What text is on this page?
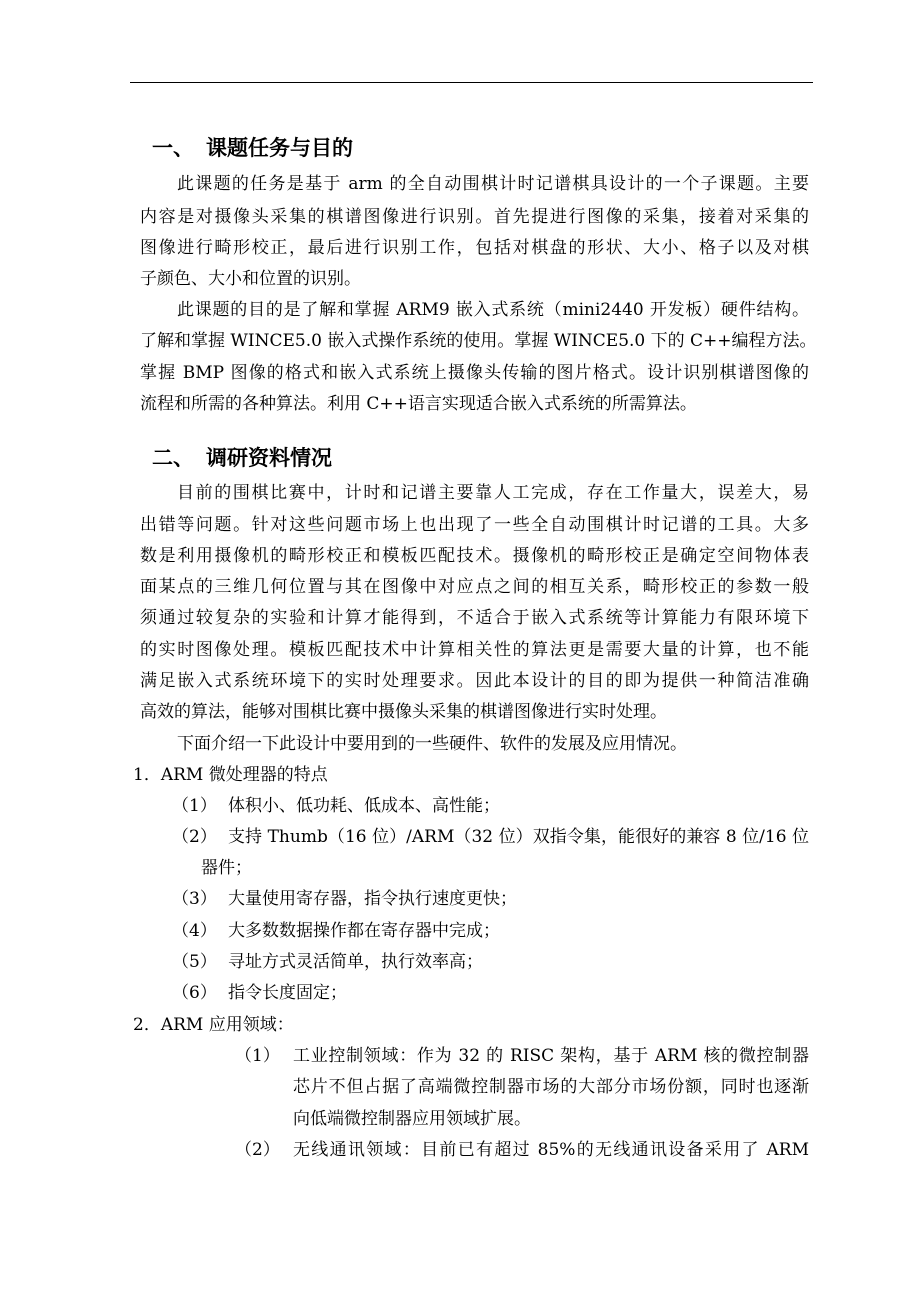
一、 课题任务与目的
此课题的任务是基于 arm 的全自动围棋计时记谱棋具设计的一个子课题。主要
内容是对摄像头采集的棋谱图像进行识别。首先提进行图像的采集，接着对采集的
图像进行畸形校正，最后进行识别工作，包括对棋盘的形状、大小、格子以及对棋
子颜色、大小和位置的识别。
此课题的目的是了解和掌握 ARM9 嵌入式系统（mini2440 开发板）硬件结构。
了解和掌握 WINCE5.0 嵌入式操作系统的使用。掌握 WINCE5.0 下的 C++编程方法。
掌握 BMP 图像的格式和嵌入式系统上摄像头传输的图片格式。设计识别棋谱图像的
流程和所需的各种算法。利用 C++语言实现适合嵌入式系统的所需算法。
二、 调研资料情况
目前的围棋比赛中，计时和记谱主要靠人工完成，存在工作量大，误差大，易
出错等问题。针对这些问题市场上也出现了一些全自动围棋计时记谱的工具。大多
数是利用摄像机的畸形校正和模板匹配技术。摄像机的畸形校正是确定空间物体表
面某点的三维几何位置与其在图像中对应点之间的相互关系，畸形校正的参数一般
须通过较复杂的实验和计算才能得到，不适合于嵌入式系统等计算能力有限环境下
的实时图像处理。模板匹配技术中计算相关性的算法更是需要大量的计算，也不能
满足嵌入式系统环境下的实时处理要求。因此本设计的目的即为提供一种简洁准确
高效的算法，能够对围棋比赛中摄像头采集的棋谱图像进行实时处理。
下面介绍一下此设计中要用到的一些硬件、软件的发展及应用情况。
1．ARM 微处理器的特点
（1） 体积小、低功耗、低成本、高性能；
（2） 支持 Thumb（16 位）/ARM（32 位）双指令集，能很好的兼容 8 位/16 位
器件；
（3） 大量使用寄存器，指令执行速度更快；
（4） 大多数数据操作都在寄存器中完成；
（5） 寻址方式灵活简单，执行效率高；
（6） 指令长度固定；
2．ARM 应用领域：
（1） 工业控制领域：作为 32 的 RISC 架构，基于 ARM 核的微控制器
芯片不但占据了高端微控制器市场的大部分市场份额，同时也逐渐
向低端微控制器应用领域扩展。
（2） 无线通讯领域：目前已有超过 85%的无线通讯设备采用了 ARM
